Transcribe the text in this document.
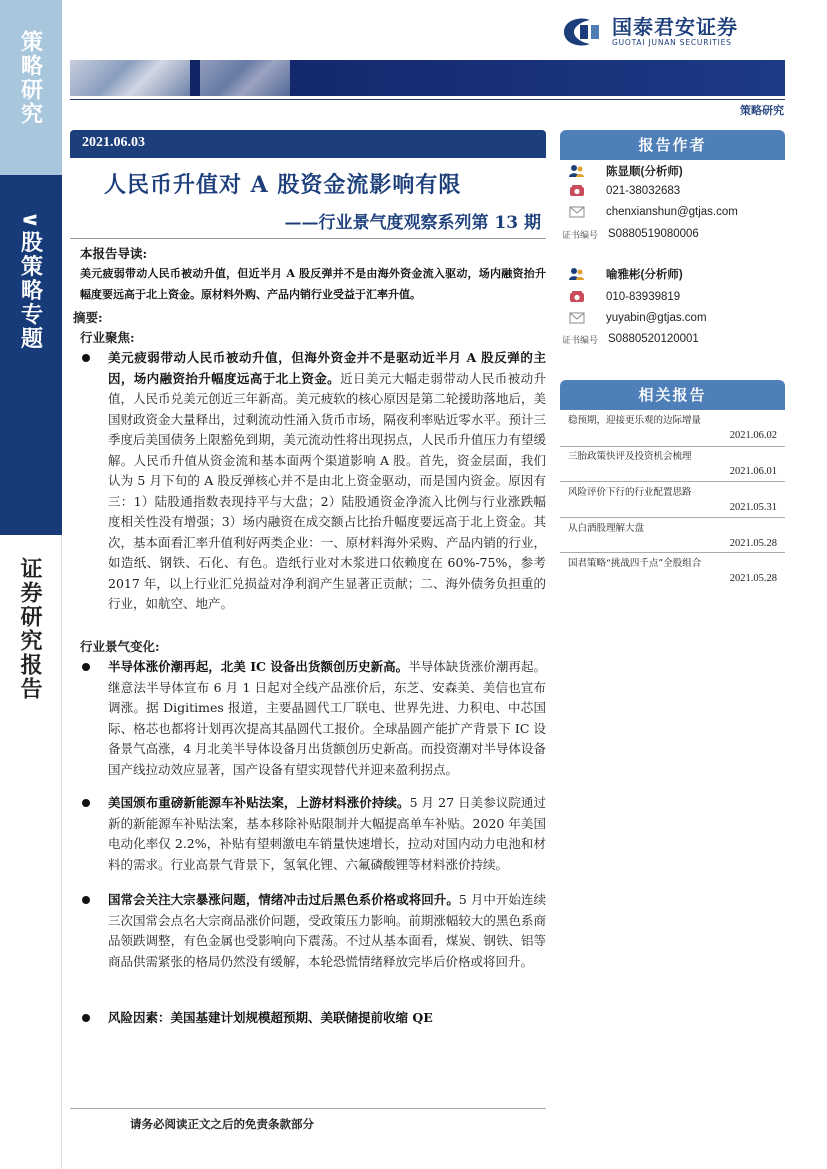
策略研究
∨股策略专题
证券研究报告
国泰君安证券
GUOTAI JUNAN SECURITIES
策略研究
2021.06.03
人民币升值对 A 股资金流影响有限
——行业景气度观察系列第 13 期
本报告导读:
美元疲弱带动人民币被动升值，但近半月 A 股反弹并不是由海外资金流入驱动，场内融资抬升幅度要远高于北上资金。原材料外购、产品内销行业受益于汇率升值。
摘要:
行业聚焦:
美元疲弱带动人民币被动升值，但海外资金并不是驱动近半月 A 股反弹的主因，场内融资抬升幅度远高于北上资金。近日美元大幅走弱带动人民币被动升值，人民币兑美元创近三年新高。美元疲软的核心原因是第二轮援助落地后，美国财政资金大量释出，过剩流动性涌入货币市场，隔夜利率贴近零水平。预计三季度后美国债务上限豁免到期，美元流动性将出现拐点，人民币升值压力有望缓解。人民币升值从资金流和基本面两个渠道影响 A 股。首先，资金层面，我们认为 5 月下旬的 A 股反弹核心并不是由北上资金驱动，而是国内资金。原因有三：1）陆股通指数表现持平与大盘；2）陆股通资金净流入比例与行业涨跌幅度相关性没有增强；3）场内融资在成交额占比抬升幅度要远高于北上资金。其次，基本面看汇率升值利好两类企业：一、原材料海外采购、产品内销的行业，如造纸、钢铁、石化、有色。造纸行业对木浆进口依赖度在 60%-75%，参考 2017 年，以上行业汇兑损益对净利润产生显著正贡献；二、海外债务负担重的行业，如航空、地产。
行业景气变化:
半导体涨价潮再起，北美 IC 设备出货额创历史新高。半导体缺货涨价潮再起。继意法半导体宣布 6 月 1 日起对全线产品涨价后，东芝、安森美、美信也宣布调涨。据 Digitimes 报道，主要晶圆代工厂联电、世界先进、力积电、中芯国际、格芯也都将计划再次提高其晶圆代工报价。全球晶圆产能扩产背景下 IC 设备景气高涨，4 月北美半导体设备月出货额创历史新高。而投资潮对半导体设备国产线拉动效应显著，国产设备有望实现替代并迎来盈利拐点。
美国颁布重磅新能源车补贴法案，上游材料涨价持续。5 月 27 日美参议院通过新的新能源车补贴法案，基本移除补贴限制并大幅提高单车补贴。2020 年美国电动化率仅 2.2%，补贴有望刺激电车销量快速增长，拉动对国内动力电池和材料的需求。行业高景气背景下，氢氧化锂、六氟磷酸锂等材料涨价持续。
国常会关注大宗暴涨问题，情绪冲击过后黑色系价格或将回升。5 月中开始连续三次国常会点名大宗商品涨价问题，受政策压力影响。前期涨幅较大的黑色系商品领跌调整，有色金属也受影响向下震荡。不过从基本面看，煤炭、钢铁、铝等商品供需紧张的格局仍然没有缓解，本轮恐慌情绪释放完毕后价格或将回升。
风险因素：美国基建计划规模超预期、美联储提前收缩 QE
请务必阅读正文之后的免责条款部分
报告作者
陈显顺(分析师)
021-38032683
chenxianshun@gtjas.com
证书编号 S0880519080006
喻雅彬(分析师)
010-83939819
yuyabin@gtjas.com
证书编号 S0880520120001
相关报告
稳预期，迎接更乐观的边际增量
2021.06.02
三胎政策快评及投资机会梳理
2021.06.01
风险评价下行的行业配置思路
2021.05.31
从白酒股理解大盘
2021.05.28
国君策略“挑战四千点”全股组合
2021.05.28
